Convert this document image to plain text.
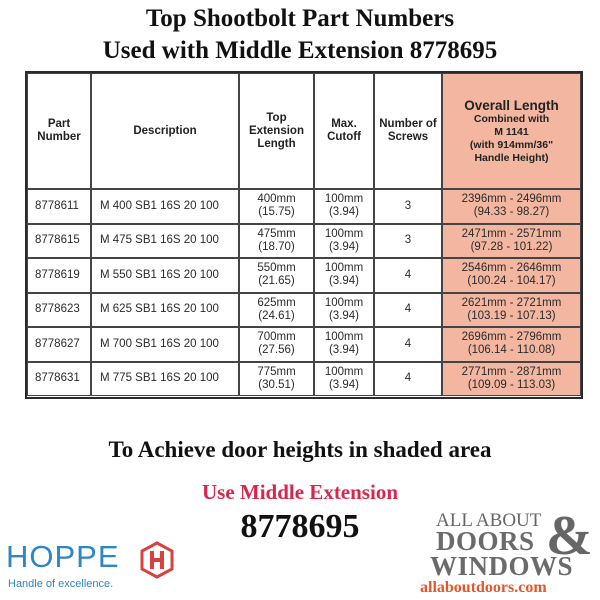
Top Shootbolt Part Numbers
Used with Middle Extension 8778695
Part Number
Description
Top Extension Length
Max. Cutoff
Number of Screws
Overall Length
Combined with
M 1141
(with 914mm/36"
Handle Height)
8778611 M 400 SB1 16S 20 100
400mm
(15.75)
100mm
(3.94)
3
2396mm - 2496mm
(94.33 - 98.27)
8778615 M 475 SB1 16S 20 100
475mm
(18.70)
100mm
(3.94)
3
2471mm - 2571mm
(97.28 - 101.22)
8778619 M 550 SB1 16S 20 100
550mm
(21.65)
100mm
(3.94)
4
2546mm - 2646mm
(100.24 - 104.17)
8778623 M 625 SB1 16S 20 100
625mm
(24.61)
100mm
(3.94)
4
2621mm - 2721mm
(103.19 - 107.13)
8778627 M 700 SB1 16S 20 100
700mm
(27.56)
100mm
(3.94)
4
2696mm - 2796mm
(106.14 - 110.08)
8778631 M 775 SB1 16S 20 100
775mm
(30.51)
100mm
(3.94)
4
2771mm - 2871mm
(109.09 - 113.03)
To Achieve door heights in shaded area
Use Middle Extension
8778695
HOPPE
Handle of excellence.
ALL ABOUT &
DOORS
WINDOWS
allaboutdoors.com
